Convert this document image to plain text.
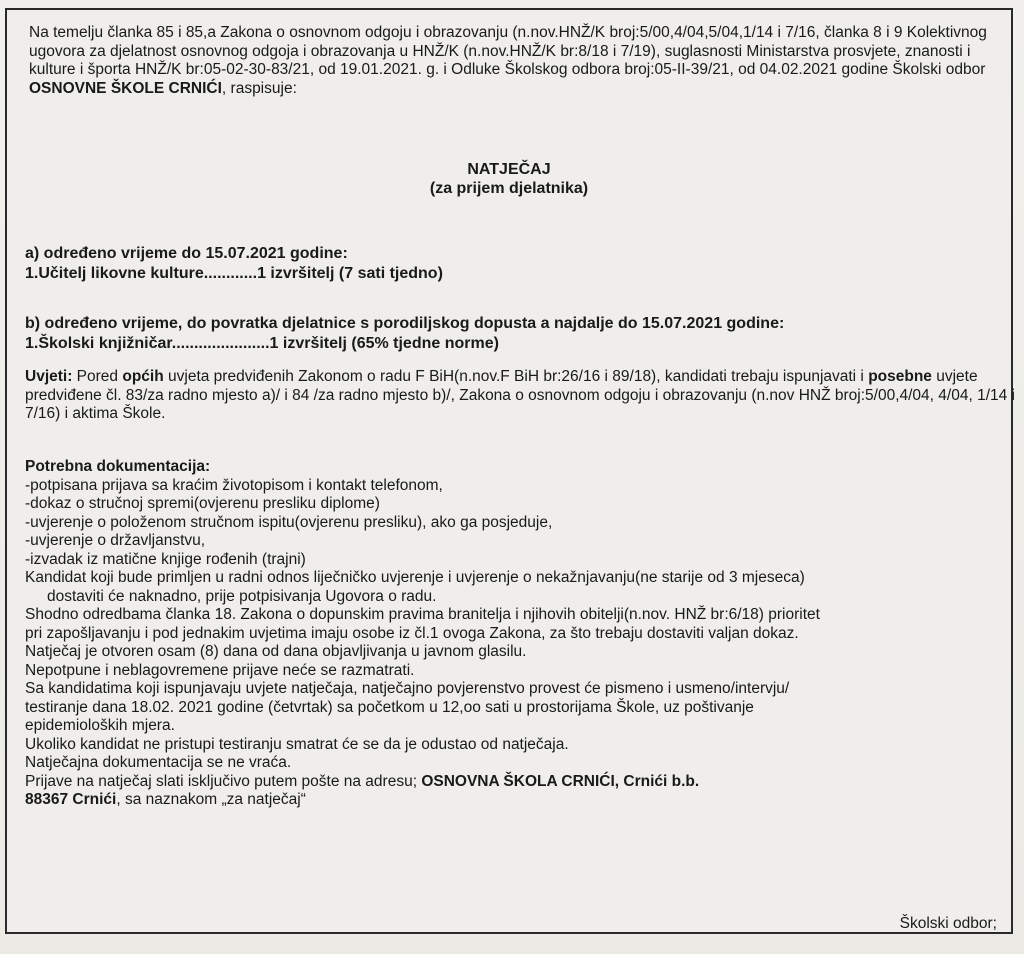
Na temelju članka 85 i 85,a Zakona o osnovnom odgoju i obrazovanju (n.nov.HNŽ/K broj:5/00,4/04,5/04,1/14 i 7/16, članka 8 i 9 Kolektivnog ugovora za djelatnost osnovnog odgoja i obrazovanja u HNŽ/K (n.nov.HNŽ/K br:8/18 i 7/19), suglasnosti Ministarstva prosvjete, znanosti i kulture i športa HNŽ/K br:05-02-30-83/21, od 19.01.2021. g. i Odluke Školskog odbora broj:05-II-39/21, od 04.02.2021 godine Školski odbor OSNOVNE ŠKOLE CRNIĆI, raspisuje:

NATJEČAJ
(za prijem djelatnika)
a) određeno vrijeme do 15.07.2021 godine:
1.Učitelj likovne kulture............1 izvršitelj (7 sati tjedno)
b) određeno vrijeme, do povratka djelatnice s porodiljskog dopusta a najdalje do 15.07.2021 godine:
1.Školski knjižničar......................1 izvršitelj (65% tjedne norme)

Uvjeti: Pored općih uvjeta predviđenih Zakonom o radu F BiH(n.nov.F BiH br:26/16 i 89/18), kandidati trebaju ispunjavati i posebne uvjete predviđene čl. 83/za radno mjesto a)/ i 84 /za radno mjesto b)/, Zakona o osnovnom odgoju i obrazovanju (n.nov HNŽ broj:5/00,4/04, 4/04, 1/14 i 7/16) i aktima Škole.

Potrebna dokumentacija:
-potpisana prijava sa kraćim životopisom i kontakt telefonom,
-dokaz o stručnoj spremi(ovjerenu presliku diplome)
-uvjerenje o položenom stručnom ispitu(ovjerenu presliku), ako ga posjeduje,
-uvjerenje o državljanstvu,
-izvadak iz matične knjige rođenih (trajni)
Kandidat koji bude primljen u radni odnos liječničko uvjerenje i uvjerenje o nekažnjavanju(ne starije od 3 mjeseca)
dostaviti će naknadno, prije potpisivanja Ugovora o radu.
Shodno odredbama članka 18. Zakona o dopunskim pravima branitelja i njihovih obitelji(n.nov. HNŽ br:6/18) prioritet
pri zapošljavanju i pod jednakim uvjetima imaju osobe iz čl.1 ovoga Zakona, za što trebaju dostaviti valjan dokaz.
Natječaj je otvoren osam (8) dana od dana objavljivanja u javnom glasilu.
Nepotpune i neblagovremene prijave neće se razmatrati.
Sa kandidatima koji ispunjavaju uvjete natječaja, natječajno povjerenstvo provest će pismeno i usmeno/intervju/
testiranje dana 18.02. 2021 godine (četvrtak) sa početkom u 12,oo sati u prostorijama Škole, uz poštivanje
epidemioloških mjera.
Ukoliko kandidat ne pristupi testiranju smatrat će se da je odustao od natječaja.
Natječajna dokumentacija se ne vraća.
Prijave na natječaj slati isključivo putem pošte na adresu; OSNOVNA ŠKOLA CRNIĆI, Crnići b.b.
88367 Crnići, sa naznakom „za natječaj“
Školski odbor;
